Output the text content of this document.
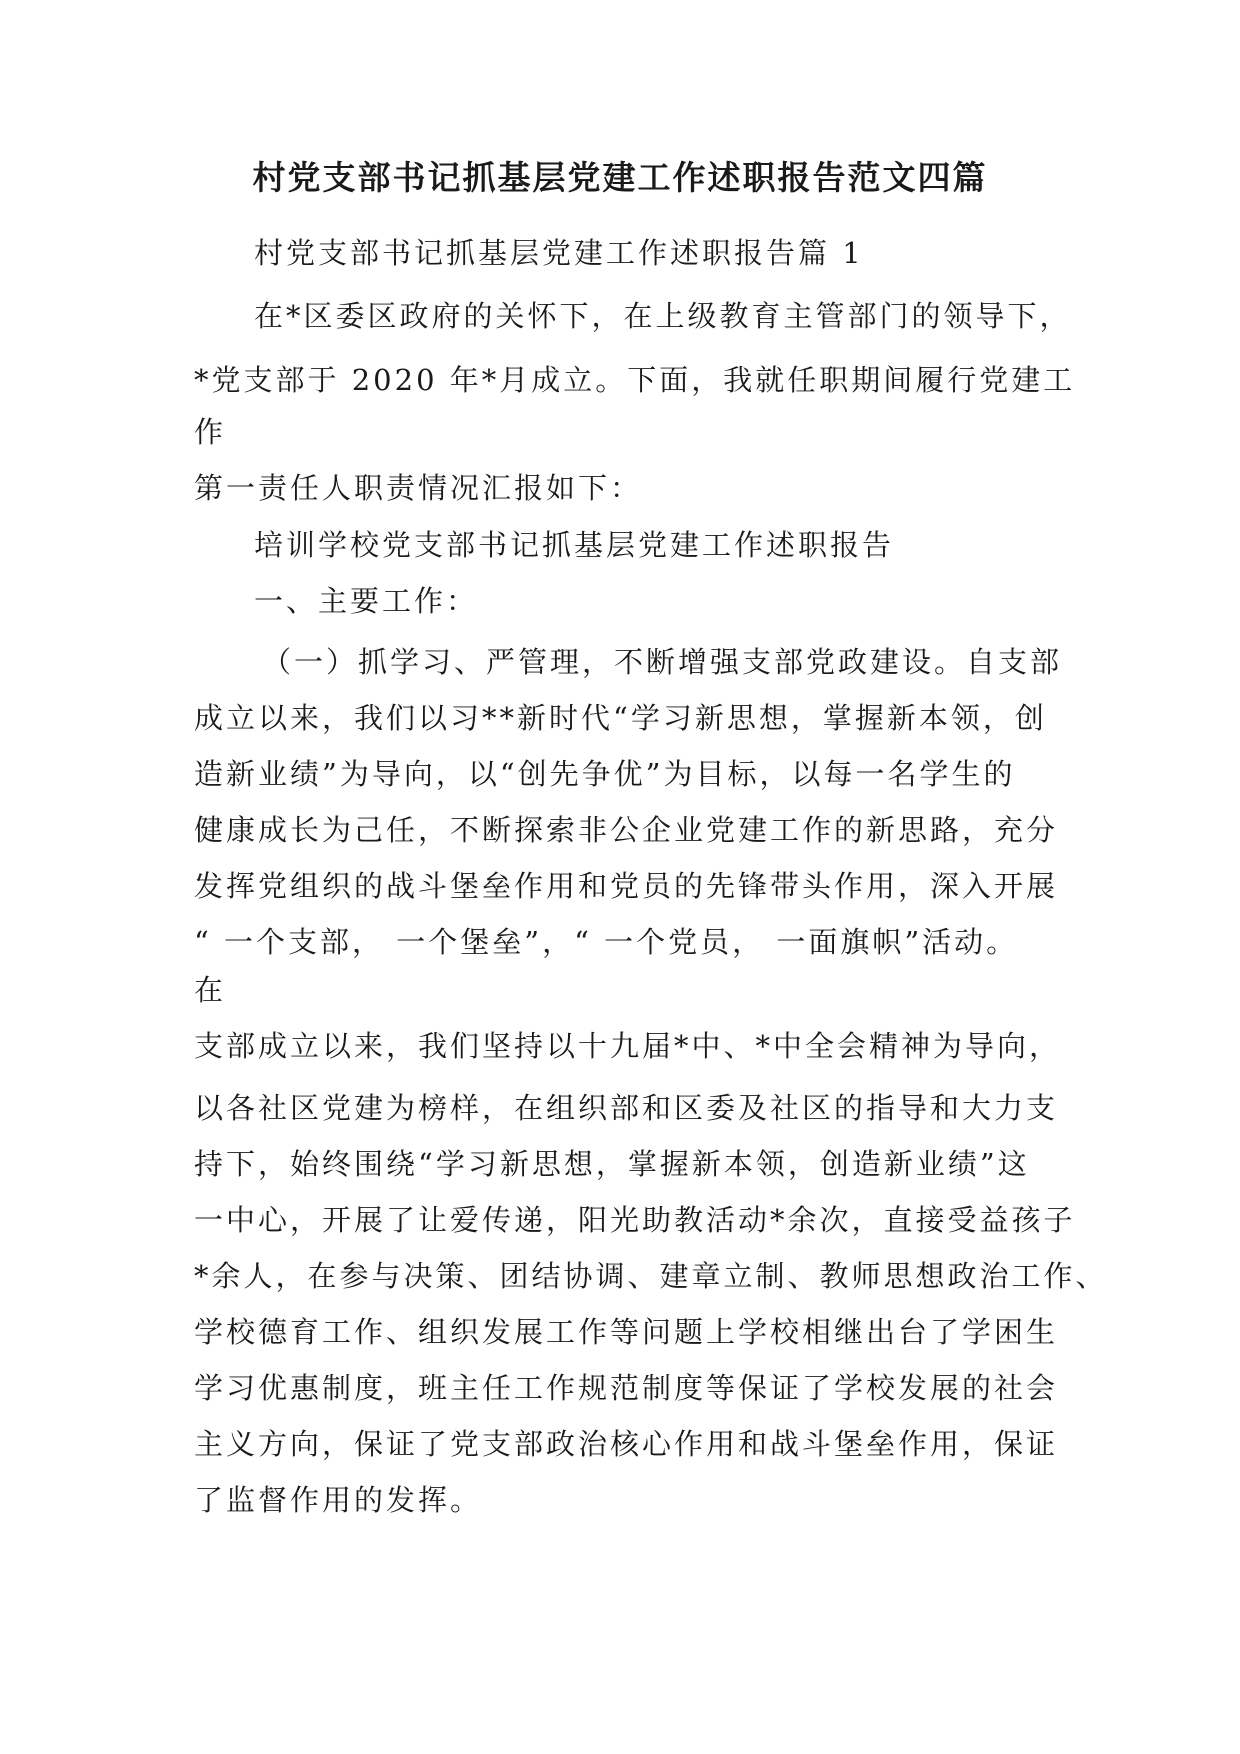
村党支部书记抓基层党建工作述职报告范文四篇
村党支部书记抓基层党建工作述职报告篇 1
在*区委区政府的关怀下，在上级教育主管部门的领导下，
*党支部于 2020 年*月成立。下面，我就任职期间履行党建工
作
第一责任人职责情况汇报如下：
培训学校党支部书记抓基层党建工作述职报告
一、主要工作：
（一）抓学习、严管理，不断增强支部党政建设。自支部
成立以来，我们以习**新时代“学习新思想，掌握新本领，创
造新业绩”为导向，以“创先争优”为目标，以每一名学生的
健康成长为己任，不断探索非公企业党建工作的新思路，充分
发挥党组织的战斗堡垒作用和党员的先锋带头作用，深入开展
“ 一个支部， 一个堡垒”，“ 一个党员， 一面旗帜”活动。
在
支部成立以来，我们坚持以十九届*中、*中全会精神为导向，
以各社区党建为榜样，在组织部和区委及社区的指导和大力支
持下，始终围绕“学习新思想，掌握新本领，创造新业绩”这
一中心，开展了让爱传递，阳光助教活动*余次，直接受益孩子
*余人，在参与决策、团结协调、建章立制、教师思想政治工作、
学校德育工作、组织发展工作等问题上学校相继出台了学困生
学习优惠制度，班主任工作规范制度等保证了学校发展的社会
主义方向，保证了党支部政治核心作用和战斗堡垒作用，保证
了监督作用的发挥。
